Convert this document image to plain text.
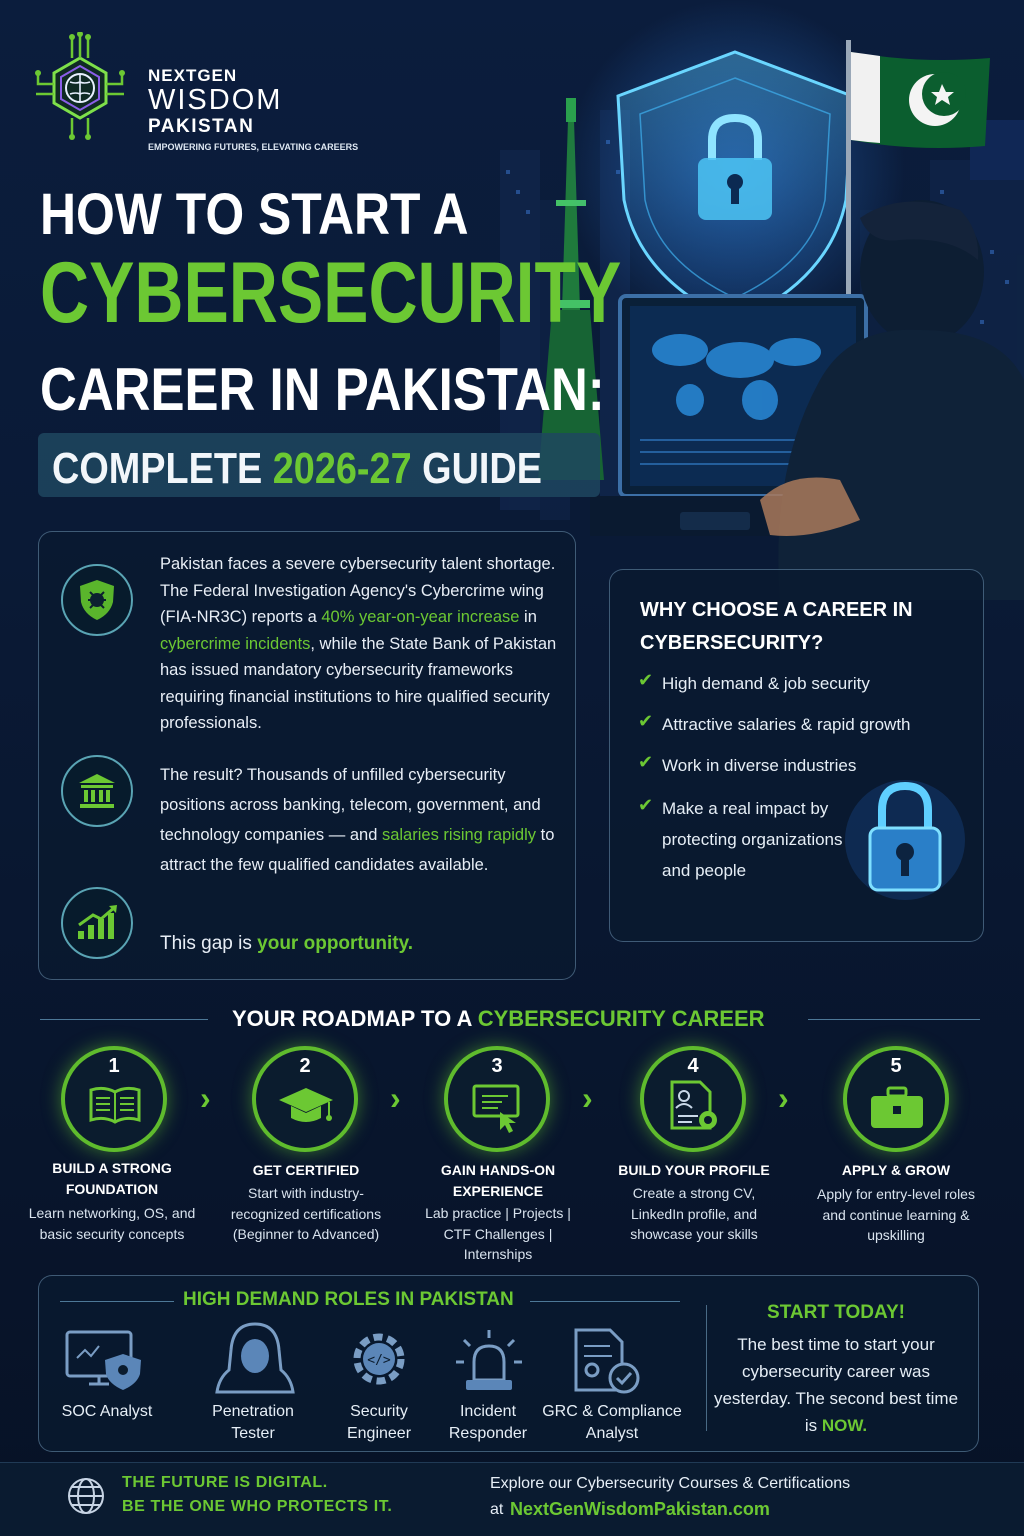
NEXTGEN
WISDOM
PAKISTAN
EMPOWERING FUTURES, ELEVATING CAREERS
HOW TO START A
CYBERSECURITY
CAREER IN PAKISTAN:
COMPLETE 2026-27 GUIDE
Pakistan faces a severe cybersecurity talent shortage. The Federal Investigation Agency's Cybercrime wing (FIA-NR3C) reports a 40% year-on-year increase in cybercrime incidents, while the State Bank of Pakistan has issued mandatory cybersecurity frameworks requiring financial institutions to hire qualified security professionals.
The result? Thousands of unfilled cybersecurity positions across banking, telecom, government, and technology companies — and salaries rising rapidly to attract the few qualified candidates available.
This gap is your opportunity.
WHY CHOOSE A CAREER IN CYBERSECURITY?
✔ High demand & job security
✔ Attractive salaries & rapid growth
✔ Work in diverse industries
✔ Make a real impact by protecting organizations and people
YOUR ROADMAP TO A CYBERSECURITY CAREER
1
›
2
›
3
›
4
›
5
BUILD A STRONG FOUNDATION
Learn networking, OS, and basic security concepts
GET CERTIFIED
Start with industry-recognized certifications (Beginner to Advanced)
GAIN HANDS-ON EXPERIENCE
Lab practice | Projects | CTF Challenges | Internships
BUILD YOUR PROFILE
Create a strong CV, LinkedIn profile, and showcase your skills
APPLY & GROW
Apply for entry-level roles and continue learning & upskilling
HIGH DEMAND ROLES IN PAKISTAN
</>
SOC Analyst	Penetration
Tester
Security
Engineer
Incident
Responder
GRC & Compliance
Analyst
START TODAY!
The best time to start your cybersecurity career was yesterday. The second best time is NOW.
THE FUTURE IS DIGITAL.
BE THE ONE WHO PROTECTS IT.
Explore our Cybersecurity Courses & Certifications
at NextGenWisdomPakistan.com
